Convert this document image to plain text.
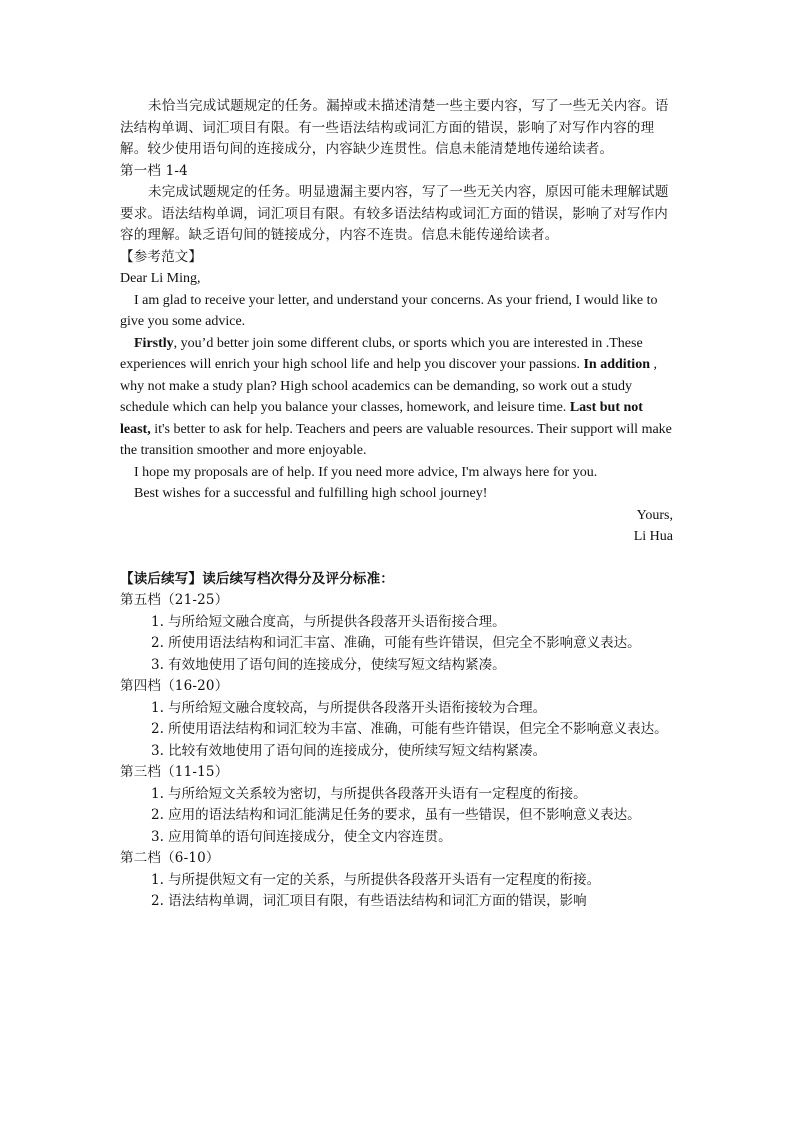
未恰当完成试题规定的任务。漏掉或未描述清楚一些主要内容，写了一些无关内容。语法结构单调、词汇项目有限。有一些语法结构或词汇方面的错误，影响了对写作内容的理解。较少使用语句间的连接成分，内容缺少连贯性。信息未能清楚地传递给读者。

第一档 1-4

未完成试题规定的任务。明显遗漏主要内容，写了一些无关内容，原因可能未理解试题要求。语法结构单调，词汇项目有限。有较多语法结构或词汇方面的错误，影响了对写作内容的理解。缺乏语句间的链接成分，内容不连贵。信息未能传递给读者。

【参考范文】

Dear Li Ming,

I am glad to receive your letter, and understand your concerns. As your friend, I would like to give you some advice.

Firstly, you’d better join some different clubs, or sports which you are interested in .These experiences will enrich your high school life and help you discover your passions. In addition , why not make a study plan? High school academics can be demanding, so work out a study schedule which can help you balance your classes, homework, and leisure time. Last but not least, it's better to ask for help. Teachers and peers are valuable resources. Their support will make the transition smoother and more enjoyable.

I hope my proposals are of help. If you need more advice, I'm always here for you.

Best wishes for a successful and fulfilling high school journey!

Yours,

Li Hua

【读后续写】读后续写档次得分及评分标准：

第五档（21-25）

1. 与所给短文融合度高，与所提供各段落开头语衔接合理。

2. 所使用语法结构和词汇丰富、准确，可能有些许错误，但完全不影响意义表达。

3. 有效地使用了语句间的连接成分，使续写短文结构紧凑。

第四档（16-20）

1. 与所给短文融合度较高，与所提供各段落开头语衔接较为合理。

2. 所使用语法结构和词汇较为丰富、准确，可能有些许错误，但完全不影响意义表达。

3. 比较有效地使用了语句间的连接成分，使所续写短文结构紧凑。

第三档（11-15）

1. 与所给短文关系较为密切，与所提供各段落开头语有一定程度的衔接。

2. 应用的语法结构和词汇能满足任务的要求，虽有一些错误，但不影响意义表达。

3. 应用简单的语句间连接成分，使全文内容连贯。

第二档（6-10）

1. 与所提供短文有一定的关系，与所提供各段落开头语有一定程度的衔接。

2. 语法结构单调，词汇项目有限，有些语法结构和词汇方面的错误，影响
